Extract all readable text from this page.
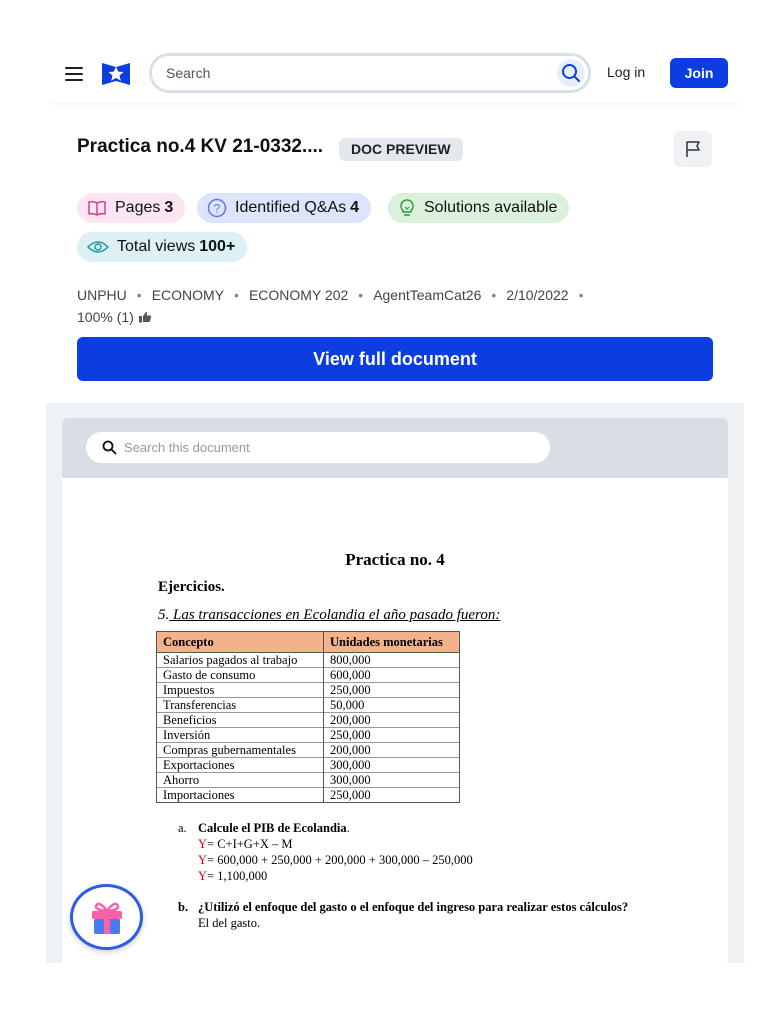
Search
Log in	Join
Practica no.4 KV 21-0332....	DOC PREVIEW
Pages 3	? Identified Q&As 4	Solutions available
Total views 100+
UNPHU • ECONOMY • ECONOMY 202 • AgentTeamCat26 • 2/10/2022 •

100% (1)
View full document
Search this document
Practica no. 4
Ejercicios.
5. Las transacciones en Ecolandia el año pasado fueron:
Concepto	Unidades monetarias
Salarios pagados al trabajo	800,000
Gasto de consumo	600,000
Impuestos	250,000
Transferencias	50,000
Beneficios	200,000
Inversión	250,000
Compras gubernamentales	200,000
Exportaciones	300,000
Ahorro	300,000
Importaciones	250,000
a. Calcule el PIB de Ecolandia.
Y= C+I+G+X – M
Y= 600,000 + 250,000 + 200,000 + 300,000 – 250,000
Y= 1,100,000
b. ¿Utilizó el enfoque del gasto o el enfoque del ingreso para realizar estos cálculos?
El del gasto.
